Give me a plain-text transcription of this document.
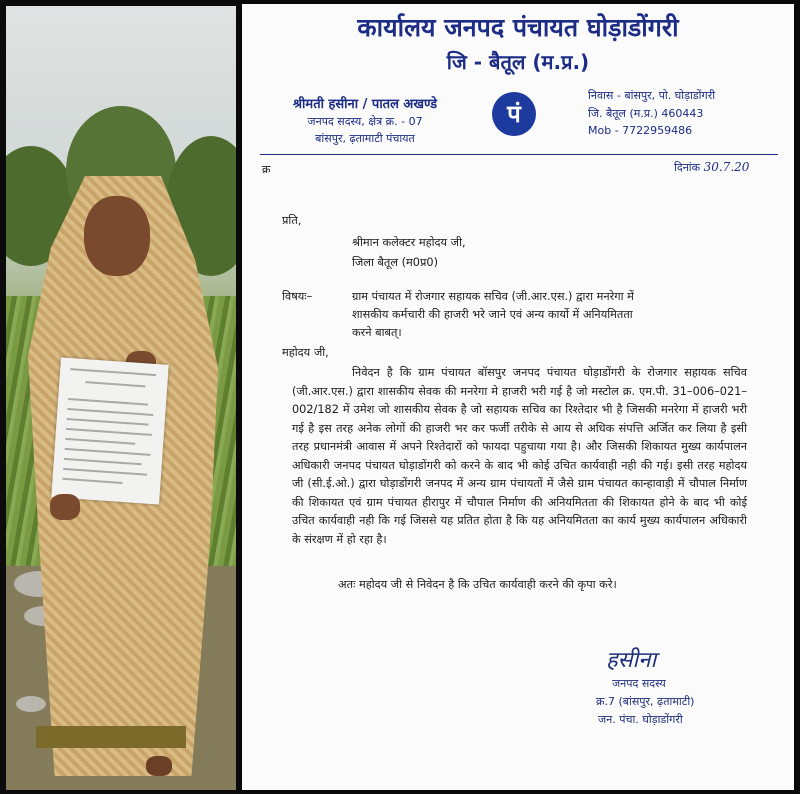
कार्यालय जनपद पंचायत घोड़ाडोंगरी
जि - बैतूल (म.प्र.)
श्रीमती हसीना / पातल अखण्डे
जनपद सदस्य, क्षेत्र क्र. - 07
बांसपुर, ढ़तामाटी पंचायत
पं
निवास - बांसपुर, पो. घोड़ाडोंगरी
जि. बैतूल (म.प्र.) 460443
Mob - 7722959486
क्र	दिनांक 30.7.20
प्रति,
श्रीमान कलेक्टर महोदय जी,
जिला बैतूल (म0प्र0)
विषयः–	ग्राम पंचायत में रोजगार सहायक सचिव (जी.आर.एस.) द्वारा मनरेगा में
शासकीय कर्मचारी की हाजरी भरे जाने एवं अन्य कार्यो में अनियमितता
करने बाबत्।
महोदय जी,
निवेदन है कि ग्राम पंचायत बॉसपुर जनपद पंचायत घोड़ाडोंगरी के रोजगार सहायक सचिव (जी.आर.एस.) द्वारा शासकीय सेवक की मनरेगा मे हाजरी भरी गई है जो मस्टोल क्र. एम.पी. 31–006–021–002/182 में उमेश जो शासकीय सेवक है जो सहायक सचिव का रिश्तेदार भी है जिसकी मनरेगा में हाजरी भरी गई है इस तरह अनेक लोगों की हाजरी भर कर फर्जी तरीके से आय से अधिक संपत्ति अर्जित कर लिया है इसी तरह प्रधानमंत्री आवास में अपने रिश्तेदारों को फायदा पहुचाया गया है। और जिसकी शिकायत मुख्य कार्यपालन अधिकारी जनपद पंचायत घोड़ाडोंगरी को करने के बाद भी कोई उचित कार्यवाही नही की गई। इसी तरह महोदय जी (सी.ई.ओ.) द्वारा घोड़ाडोंगरी जनपद में अन्य ग्राम पंचायतों में जैसे ग्राम पंचायत कान्हावाड़ी में चौपाल निर्माण की शिकायत एवं ग्राम पंचायत हीरापुर में चौपाल निर्माण की अनियमितता की शिकायत होने के बाद भी कोई उचित कार्यवाही नही कि गई जिससे यह प्रतित होता है कि यह अनियमितता का कार्य मुख्य कार्यपालन अधिकारी के संरक्षण में हो रहा है।
अतः महोदय जी से निवेदन है कि उचित कार्यवाही करने की कृपा करे।
हसीना
जनपद सदस्य
क्र.7 (बांसपुर, ढ़तामाटी)
जन. पंचा. घोड़ाडोंगरी
